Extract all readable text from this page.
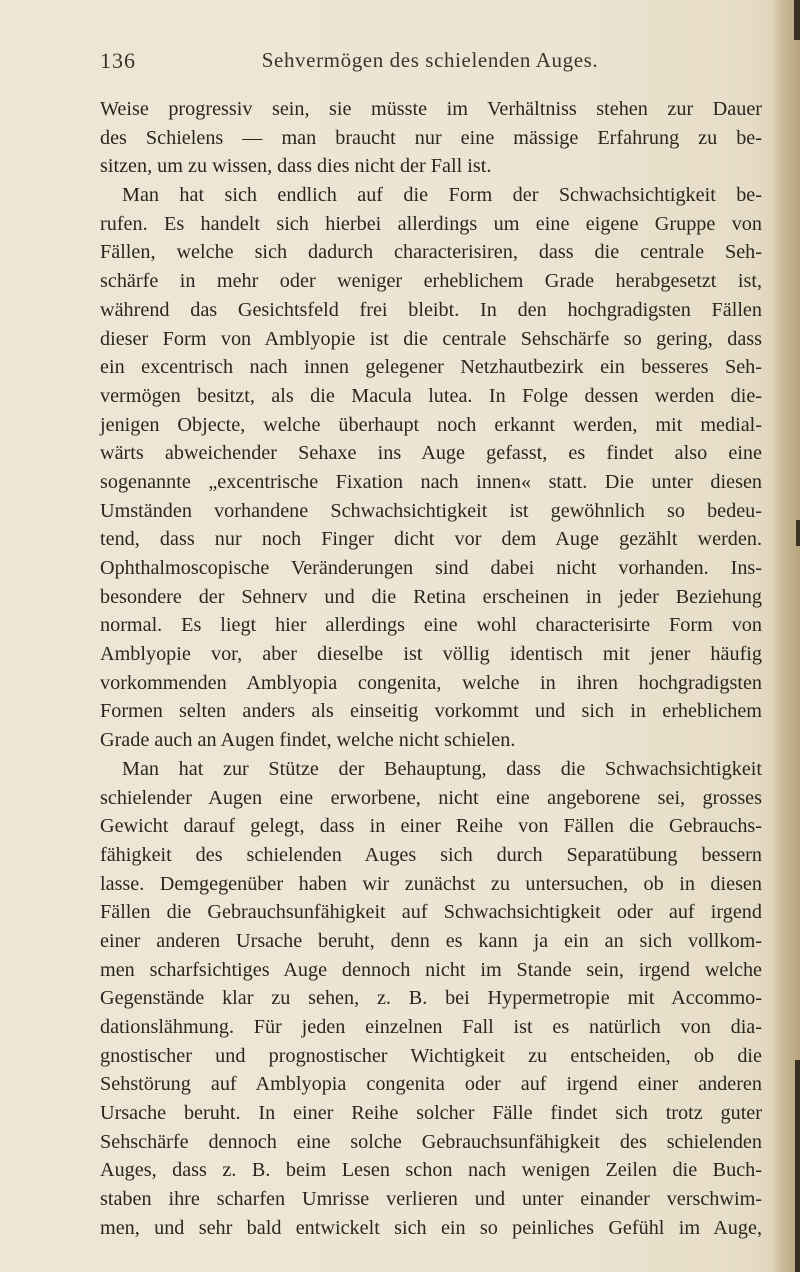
Sehvermögen des schielenden Auges.
136
Weise progressiv sein, sie müsste im Verhältniss stehen zur Dauer
des Schielens — man braucht nur eine mässige Erfahrung zu be-
sitzen, um zu wissen, dass dies nicht der Fall ist.
Man hat sich endlich auf die Form der Schwachsichtigkeit be-
rufen. Es handelt sich hierbei allerdings um eine eigene Gruppe von
Fällen, welche sich dadurch characterisiren, dass die centrale Seh-
schärfe in mehr oder weniger erheblichem Grade herabgesetzt ist,
während das Gesichtsfeld frei bleibt. In den hochgradigsten Fällen
dieser Form von Amblyopie ist die centrale Sehschärfe so gering, dass
ein excentrisch nach innen gelegener Netzhautbezirk ein besseres Seh-
vermögen besitzt, als die Macula lutea. In Folge dessen werden die-
jenigen Objecte, welche überhaupt noch erkannt werden, mit medial-
wärts abweichender Sehaxe ins Auge gefasst, es findet also eine
sogenannte „excentrische Fixation nach innen« statt. Die unter diesen
Umständen vorhandene Schwachsichtigkeit ist gewöhnlich so bedeu-
tend, dass nur noch Finger dicht vor dem Auge gezählt werden.
Ophthalmoscopische Veränderungen sind dabei nicht vorhanden. Ins-
besondere der Sehnerv und die Retina erscheinen in jeder Beziehung
normal. Es liegt hier allerdings eine wohl characterisirte Form von
Amblyopie vor, aber dieselbe ist völlig identisch mit jener häufig
vorkommenden Amblyopia congenita, welche in ihren hochgradigsten
Formen selten anders als einseitig vorkommt und sich in erheblichem
Grade auch an Augen findet, welche nicht schielen.
Man hat zur Stütze der Behauptung, dass die Schwachsichtigkeit
schielender Augen eine erworbene, nicht eine angeborene sei, grosses
Gewicht darauf gelegt, dass in einer Reihe von Fällen die Gebrauchs-
fähigkeit des schielenden Auges sich durch Separatübung bessern
lasse. Demgegenüber haben wir zunächst zu untersuchen, ob in diesen
Fällen die Gebrauchsunfähigkeit auf Schwachsichtigkeit oder auf irgend
einer anderen Ursache beruht, denn es kann ja ein an sich vollkom-
men scharfsichtiges Auge dennoch nicht im Stande sein, irgend welche
Gegenstände klar zu sehen, z. B. bei Hypermetropie mit Accommo-
dationslähmung. Für jeden einzelnen Fall ist es natürlich von dia-
gnostischer und prognostischer Wichtigkeit zu entscheiden, ob die
Sehstörung auf Amblyopia congenita oder auf irgend einer anderen
Ursache beruht. In einer Reihe solcher Fälle findet sich trotz guter
Sehschärfe dennoch eine solche Gebrauchsunfähigkeit des schielenden
Auges, dass z. B. beim Lesen schon nach wenigen Zeilen die Buch-
staben ihre scharfen Umrisse verlieren und unter einander verschwim-
men, und sehr bald entwickelt sich ein so peinliches Gefühl im Auge,
